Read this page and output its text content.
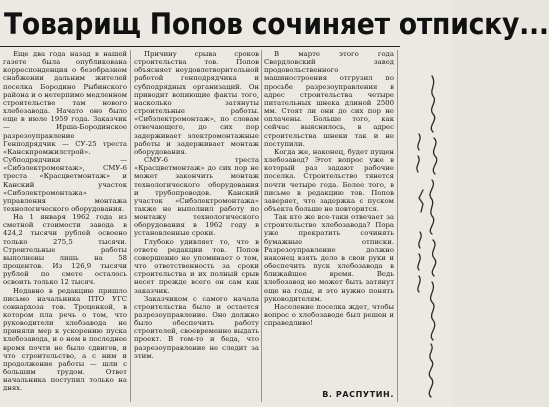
Товарищ Попов сочиняет отписку...

Еще два года назад в нашей газете была опубликована корреспонденция о безобразном снабжении дальним жителей поселка Бородино Рыбинского района и о нетерпимо медленном строительстве там нового хлебозавода. Начато оно было еще в июле 1959 года. Заказчик — Ирша-Бородинское разрезоуправление Генподрядчик — СУ-25 треста «Канскпромжилстрой». Субподрядчики — «Сибэлектромонтаж», СМУ-6 треста «Красцветмонтаж» и Канский участок «Сибэлектромонтажа» управления монтажа технологического оборудования.

На 1 января 1962 года из сметной стоимости завода в 424,2 тысячи рублей освоено только 275,5 тысячи. Строительные работы выполнены лишь на 58 процентов. Из 126,9 тысячи рублей по смете осталось освоить только 12 тысяч.

Недавно в редакцию пришло письмо начальника ПТО УГС совнархоза тов. Троценкой, в котором пла речь о том, что руководители хлебзавода не приняли мер к ускорению пуска хлебозавода, и о нем в последнее время почти не было сдвигов, и что строительство, а с ним и продолжение работы — шли с большим трудом. Ответ начальника поступил только на днях.

Причину срыва сроков строительства тов. Попов объясняет неудовлетворительной работой генподрядчика и субподрядных организаций. Он приводит вопиющие факты того, насколько затянуты строительные работы. «Сибэлектромонтаж», по словам отвечающего, до сих пор задерживает электромонтажные работы и задерживает монтаж оборудования.

СМУ-6 треста «Красцветмонтаж» до сих пор не может закончить монтаж технологического оборудования и трубопроводов. Канский участок «Сибэлектромонтажа» также не выполнил работу по монтажу технологического оборудования в 1962 году в установленные сроки.

Глубоко удивляет то, что в ответе редакции тов. Попов совершенно не упоминает о том, что ответственность за сроки строительства и их полный срыв несет прежде всего он сам как заказчик.

Заказчиком с самого начала строительства было и остается разрезоуправление. Оно должно было обеспечить работу строителей, своевременно выдать проект. В том-то и беда, что разрезоуправление не следит за этим.

В марте этого года Свердловский завод продовольственного машиностроения отгрузил по просьбе разрезоуправления в адрес строительства четыре питательных шнека длиной 2500 мм. Стоят ли они до сих пор не оплачены. Больше того, как сейчас выяснилось, в адрес строительства шнеки так и не поступили.

Когда же, наконец, будет пущен хлебозавод? Этот вопрос уже в который раз задают рабочие поселка. Строительство тянется почти четыре года. Более того, в письме в редакцию тов. Попов заверяет, что задержка с пуском объекта больше не повторится.

Так кто же все-таки отвечает за строительство хлебозавода? Пора уже прекратить сочинять бумажные отписки. Разрезоуправление должно наконец взять дело в свои руки и обеспечить пуск хлебозавода в ближайшее время. Ведь хлебозавод не может быть затянут еще на годы, и это нужно понять руководителям.

Население поселка ждет, чтобы вопрос о хлебозаводе был решен и справедливо!

В. РАСПУТИН.
